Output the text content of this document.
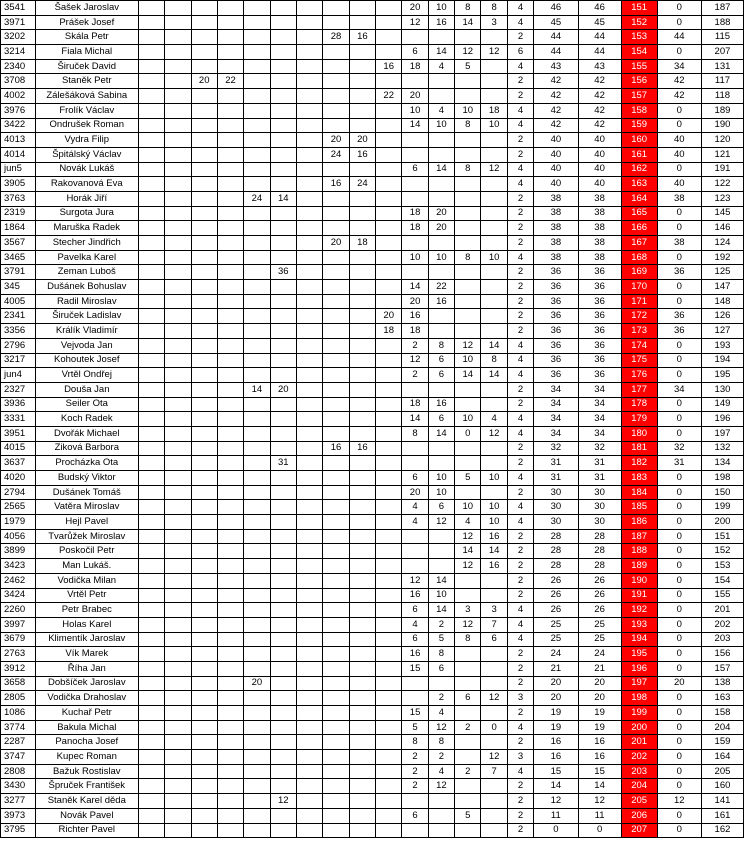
3541	Šašek Jaroslav											20	10	8	8	4	46	46	151	0	187
3971	Prášek Josef											12	16	14	3	4	45	45	152	0	188
3202	Skála Petr								28	16						2	44	44	153	44	115
3214	Fiala Michal											6	14	12	12	6	44	44	154	0	207
2340	Širuček David										16	18	4	5		4	43	43	155	34	131
3708	Staněk Petr			20	22											2	42	42	156	42	117
4002	Zálešáková Sabina										22	20				2	42	42	157	42	118
3976	Frolík Václav											10	4	10	18	4	42	42	158	0	189
3422	Ondrušek Roman											14	10	8	10	4	42	42	159	0	190
4013	Vydra Filip								20	20						2	40	40	160	40	120
4014	Špitálský Václav								24	16						2	40	40	161	40	121
jun5	Novák Lukáš											6	14	8	12	4	40	40	162	0	191
3905	Rakovanová Eva								16	24						4	40	40	163	40	122
3763	Horák Jiří					24	14									2	38	38	164	38	123
2319	Surgota Jura											18	20			2	38	38	165	0	145
1864	Maruška Radek											18	20			2	38	38	166	0	146
3567	Stecher Jindřich								20	18						2	38	38	167	38	124
3465	Pavelka Karel											10	10	8	10	4	38	38	168	0	192
3791	Zeman Luboš						36									2	36	36	169	36	125
345	Dušánek Bohuslav											14	22			2	36	36	170	0	147
4005	Radil Miroslav											20	16			2	36	36	171	0	148
2341	Širuček Ladislav										20	16				2	36	36	172	36	126
3356	Králík Vladimír										18	18				2	36	36	173	36	127
2796	Vejvoda Jan											2	8	12	14	4	36	36	174	0	193
3217	Kohoutek Josef											12	6	10	8	4	36	36	175	0	194
jun4	Vrtěl Ondřej											2	6	14	14	4	36	36	176	0	195
2327	Douša Jan					14	20									2	34	34	177	34	130
3936	Seiler Ota											18	16			2	34	34	178	0	149
3331	Koch Radek											14	6	10	4	4	34	34	179	0	196
3951	Dvořák Michael											8	14	0	12	4	34	34	180	0	197
4015	Ziková Barbora								16	16						2	32	32	181	32	132
3637	Procházka Ota						31									2	31	31	182	31	134
4020	Budský Viktor											6	10	5	10	4	31	31	183	0	198
2794	Dušánek Tomáš											20	10			2	30	30	184	0	150
2565	Vatěra Miroslav											4	6	10	10	4	30	30	185	0	199
1979	Hejl Pavel											4	12	4	10	4	30	30	186	0	200
4056	Tvarůžek Miroslav													12	16	2	28	28	187	0	151
3899	Poskočil Petr													14	14	2	28	28	188	0	152
3423	Man Lukáš.													12	16	2	28	28	189	0	153
2462	Vodička Milan											12	14			2	26	26	190	0	154
3424	Vrtěl Petr											16	10			2	26	26	191	0	155
2260	Petr Brabec											6	14	3	3	4	26	26	192	0	201
3997	Holas Karel											4	2	12	7	4	25	25	193	0	202
3679	Klimentík Jaroslav											6	5	8	6	4	25	25	194	0	203
2763	Vík Marek											16	8			2	24	24	195	0	156
3912	Říha Jan											15	6			2	21	21	196	0	157
3658	Dobšíček Jaroslav					20										2	20	20	197	20	138
2805	Vodička Drahoslav												2	6	12	3	20	20	198	0	163
1086	Kuchař Petr											15	4			2	19	19	199	0	158
3774	Bakula Michal											5	12	2	0	4	19	19	200	0	204
2287	Panocha Josef											8	8			2	16	16	201	0	159
3747	Kupec Roman											2	2		12	3	16	16	202	0	164
2808	Bažuk Rostislav											2	4	2	7	4	15	15	203	0	205
3430	Špruček František											2	12			2	14	14	204	0	160
3277	Staněk Karel děda						12									2	12	12	205	12	141
3973	Novák Pavel											6		5		2	11	11	206	0	161
3795	Richter Pavel															2	0	0	207	0	162
